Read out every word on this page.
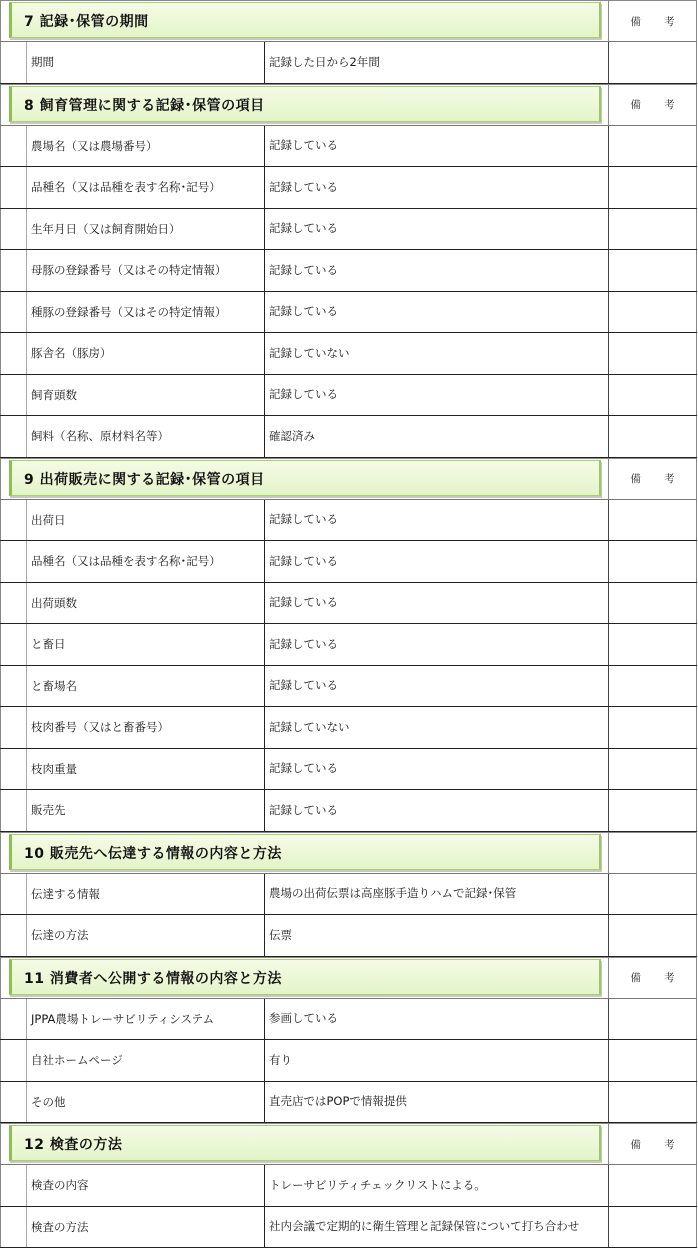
7 記録･保管の期間	備 考
期間	記録した日から2年間
8 飼育管理に関する記録･保管の項目	備 考
農場名（又は農場番号）	記録している
品種名（又は品種を表す名称･記号）	記録している
生年月日（又は飼育開始日）	記録している
母豚の登録番号（又はその特定情報）	記録している
種豚の登録番号（又はその特定情報）	記録している
豚舎名（豚房）	記録していない
飼育頭数	記録している
飼料（名称、原材料名等）	確認済み
9 出荷販売に関する記録･保管の項目	備 考
出荷日	記録している
品種名（又は品種を表す名称･記号）	記録している
出荷頭数	記録している
と畜日	記録している
と畜場名	記録している
枝肉番号（又はと畜番号）	記録していない
枝肉重量	記録している
販売先	記録している
10 販売先へ伝達する情報の内容と方法
伝達する情報	農場の出荷伝票は高座豚手造りハムで記録･保管
伝達の方法	伝票
11 消費者へ公開する情報の内容と方法	備 考
JPPA農場トレーサビリティシステム	参画している
自社ホームページ	有り
その他	直売店ではPOPで情報提供
12 検査の方法	備 考
検査の内容	トレーサビリティチェックリストによる。
検査の方法	社内会議で定期的に衛生管理と記録保管について打ち合わせ
